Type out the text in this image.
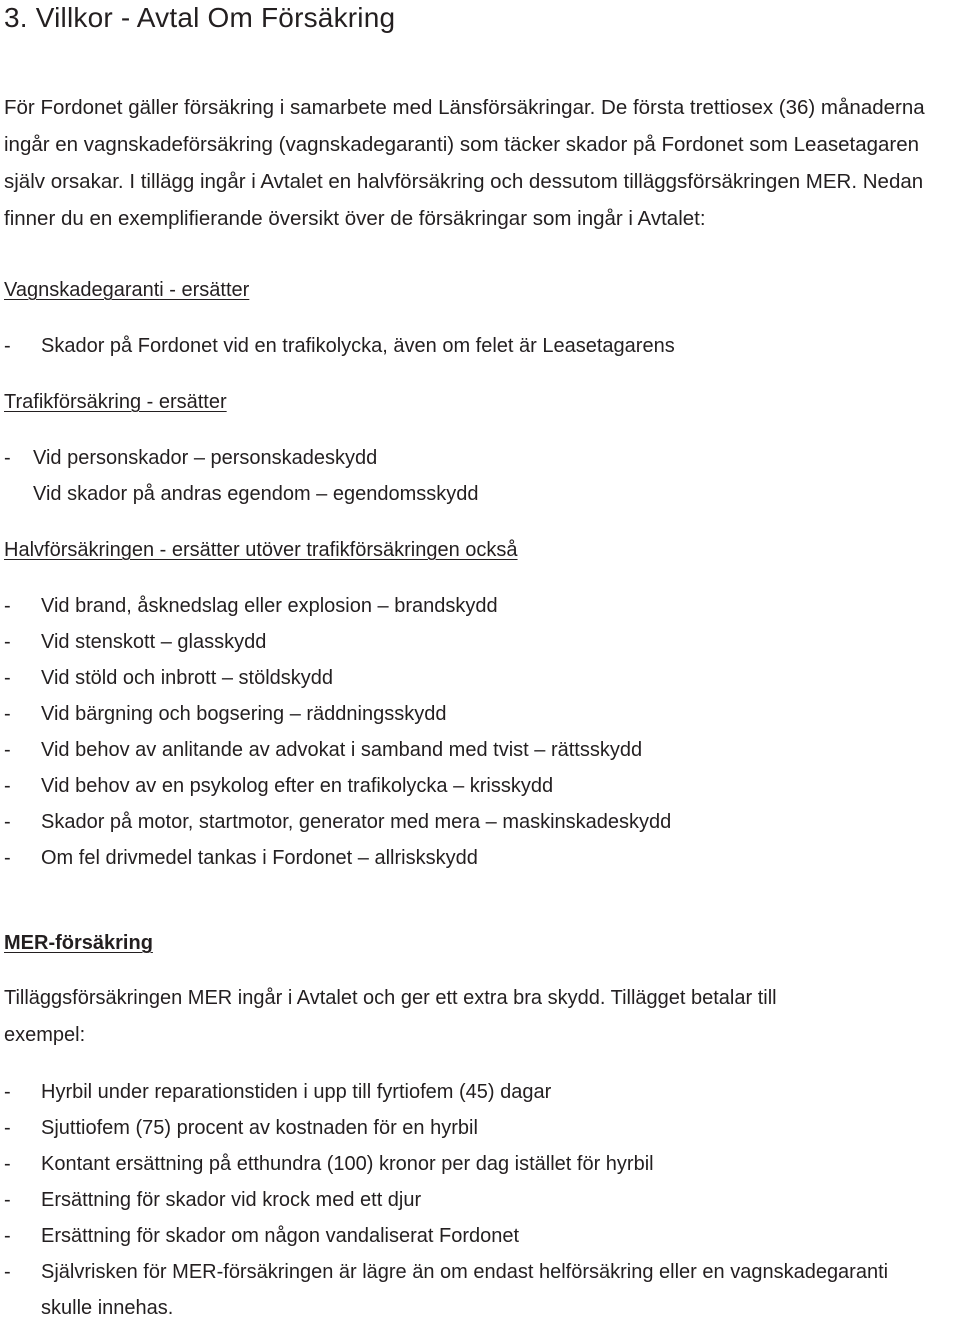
3. Villkor - Avtal Om Försäkring

För Fordonet gäller försäkring i samarbete med Länsförsäkringar. De första trettiosex (36) månaderna ingår en vagnskadeförsäkring (vagnskadegaranti) som täcker skador på Fordonet som Leasetagaren själv orsakar. I tillägg ingår i Avtalet en halvförsäkring och dessutom tilläggsförsäkringen MER. Nedan finner du en exemplifierande översikt över de försäkringar som ingår i Avtalet:

Vagnskadegaranti - ersätter
- Skador på Fordonet vid en trafikolycka, även om felet är Leasetagarens
Trafikförsäkring - ersätter
- Vid personskador – personskadeskydd
Vid skador på andras egendom – egendomsskydd
Halvförsäkringen - ersätter utöver trafikförsäkringen också
- Vid brand, åsknedslag eller explosion – brandskydd
- Vid stenskott – glasskydd
- Vid stöld och inbrott – stöldskydd
- Vid bärgning och bogsering – räddningsskydd
- Vid behov av anlitande av advokat i samband med tvist – rättsskydd
- Vid behov av en psykolog efter en trafikolycka – krisskydd
- Skador på motor, startmotor, generator med mera – maskinskadeskydd
- Om fel drivmedel tankas i Fordonet – allriskskydd
MER-försäkring

Tilläggsförsäkringen MER ingår i Avtalet och ger ett extra bra skydd. Tillägget betalar till exempel:

- Hyrbil under reparationstiden i upp till fyrtiofem (45) dagar
- Sjuttiofem (75) procent av kostnaden för en hyrbil
- Kontant ersättning på etthundra (100) kronor per dag istället för hyrbil
- Ersättning för skador vid krock med ett djur
- Ersättning för skador om någon vandaliserat Fordonet
- Självrisken för MER-försäkringen är lägre än om endast helförsäkring eller en vagnskadegaranti skulle innehas.
